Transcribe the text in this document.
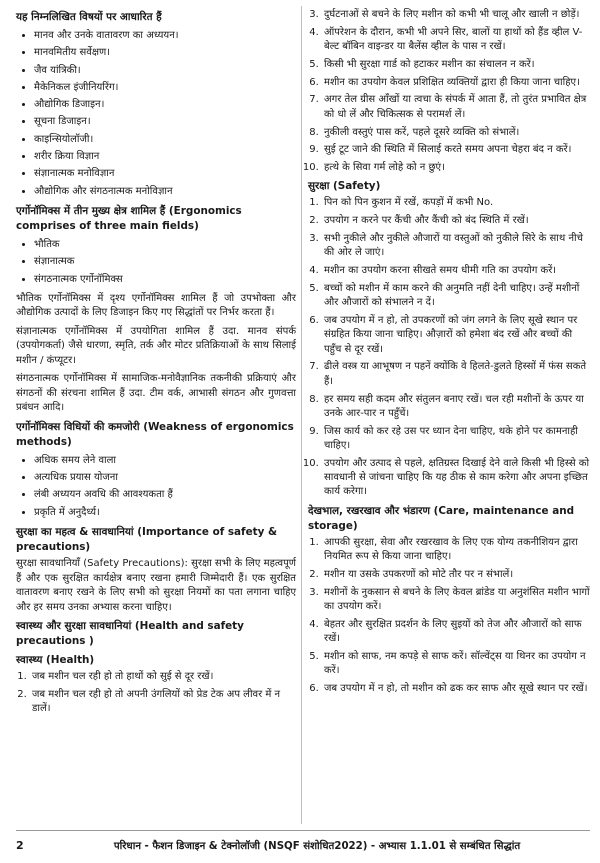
यह निम्नलिखित विषयों पर आधारित हैं
• मानव और उनके वातावरण का अध्ययन।
• मानवमितीय सर्वेक्षण।
• जैव यांत्रिकी।
• मैकेनिकल इंजीनियरिंग।
• औद्योगिक डिजाइन।
• सूचना डिजाइन।
• काइन्सियोलॉजी।
• शरीर क्रिया विज्ञान
• संज्ञानात्मक मनोविज्ञान
• औद्योगिक और संगठनात्मक मनोविज्ञान
एर्गोनॉमिक्स में तीन मुख्य क्षेत्र शामिल हैं (Ergonomics comprises of three main fields)
• भौतिक
• संज्ञानात्मक
• संगठनात्मक एर्गोनॉमिक्स

भौतिक एर्गोनॉमिक्स में दृश्य एर्गोनॉमिक्स शामिल हैं जो उपभोक्ता और औद्योगिक उत्पादों के लिए डिजाइन किए गए सिद्धांतों पर निर्भर करता हैं।

संज्ञानात्मक एर्गोनॉमिक्स में उपयोगिता शामिल हैं उदा. मानव संपर्क (उपयोगकर्ता) जैसे धारणा, स्मृति, तर्क और मोटर प्रतिक्रियाओं के साथ सिलाई मशीन / कंप्यूटर।

संगठनात्मक एर्गोनॉमिक्स में सामाजिक-मनोवैज्ञानिक तकनीकी प्रक्रियाएं और संगठनों की संरचना शामिल हैं उदा. टीम वर्क, आभासी संगठन और गुणवत्ता प्रबंधन आदि।

एर्गोनॉमिक्स विधियों की कमजोरी (Weakness of ergonomics methods)
• अधिक समय लेने वाला
• अत्यधिक प्रयास योजना
• लंबी अध्ययन अवधि की आवश्यकता हैं
• प्रकृति में अनुदैर्ध्य।
सुरक्षा का महत्व & सावधानियां (Importance of safety & precautions)

सुरक्षा सावधानियाँ (Safety Precautions): सुरक्षा सभी के लिए महत्वपूर्ण हैं और एक सुरक्षित कार्यक्षेत्र बनाए रखना हमारी जिम्मेदारी हैं। एक सुरक्षित वातावरण बनाए रखने के लिए सभी को सुरक्षा नियमों का पता लगाना चाहिए और हर समय उनका अभ्यास करना चाहिए।

स्वास्थ्य और सुरक्षा सावधानियां (Health and safety precautions )
स्वास्थ्य (Health)
1. जब मशीन चल रही हो तो हाथों को सुई से दूर रखें।
2. जब मशीन चल रही हो तो अपनी उंगलियों को प्रेड टेक अप लीवर में न डालें।
3. दुर्घटनाओं से बचने के लिए मशीन को कभी भी चालू और खाली न छोड़ें।
4. ऑपरेशन के दौरान, कभी भी अपने सिर, बालों या हाथों को हैंड व्हील V-बेल्ट बॉबिन वाइन्डर या बैलेंस व्हील के पास न रखें।
5. किसी भी सुरक्षा गार्ड को हटाकर मशीन का संचालन न करें।
6. मशीन का उपयोग केवल प्रशिक्षित व्यक्तियों द्वारा ही किया जाना चाहिए।
7. अगर तेल ग्रीस आँखों या त्वचा के संपर्क में आता हैं, तो तुरंत प्रभावित क्षेत्र को धो लें और चिकित्सक से परामर्श लें।
8. नुकीली वस्तुएं पास करें, पहले दूसरे व्यक्ति को संभालें।
9. सुई टूट जाने की स्थिति में सिलाई करते समय अपना चेहरा बंद न करें।
10. हत्थे के सिवा गर्म लोहे को न छुएं।
सुरक्षा (Safety)
1. पिन को पिन कुशन में रखें, कपड़ों में कभी No.
2. उपयोग न करने पर कैंची और कैंची को बंद स्थिति में रखें।
3. सभी नुकीले और नुकीले औजारों या वस्तुओं को नुकीले सिरे के साथ नीचे की ओर ले जाएं।
4. मशीन का उपयोग करना सीखते समय धीमी गति का उपयोग करें।
5. बच्चों को मशीन में काम करने की अनुमति नहीं देनी चाहिए। उन्हें मशीनों और औजारों को संभालने न दें।
6. जब उपयोग में न हो, तो उपकरणों को जंग लगने के लिए सूखे स्थान पर संग्रहित किया जाना चाहिए। औज़ारों को हमेशा बंद रखें और बच्चों की पहुँच से दूर रखें।
7. ढीले वस्त्र या आभूषण न पहनें क्योंकि वे हिलते-डुलते हिस्सों में फंस सकते हैं।
8. हर समय सही कदम और संतुलन बनाए रखें। चल रही मशीनों के ऊपर या उनके आर-पार न पहुँचें।
9. जिस कार्य को कर रहे उस पर ध्यान देना चाहिए, थके होने पर कामनाही चाहिए।
10. उपयोग और उत्पाद से पहले, क्षतिग्रस्त दिखाई देने वाले किसी भी हिस्से को सावधानी से जांचना चाहिए कि यह ठीक से काम करेगा और अपना इच्छित कार्य करेगा।
देखभाल, रखरखाव और भंडारण (Care, maintenance and storage)
1. आपकी सुरक्षा, सेवा और रखरखाव के लिए एक योग्य तकनीशियन द्वारा नियमित रूप से किया जाना चाहिए।
2. मशीन या उसके उपकरणों को मोटे तौर पर न संभालें।
3. मशीनों के नुकसान से बचने के लिए केवल ब्रांडेड या अनुशंसित मशीन भागों का उपयोग करें।
4. बेहतर और सुरक्षित प्रदर्शन के लिए सुइयों को तेज और औजारों को साफ रखें।
5. मशीन को साफ, नम कपड़े से साफ करें। सॉल्वेंट्स या थिनर का उपयोग न करें।
6. जब उपयोग में न हो, तो मशीन को ढक कर साफ और सूखे स्थान पर रखें।
2	परिधान - फैशन डिजाइन & टेक्नोलॉजी (NSQF संशोधित2022) - अभ्यास 1.1.01 से सम्बंधित सिद्धांत
